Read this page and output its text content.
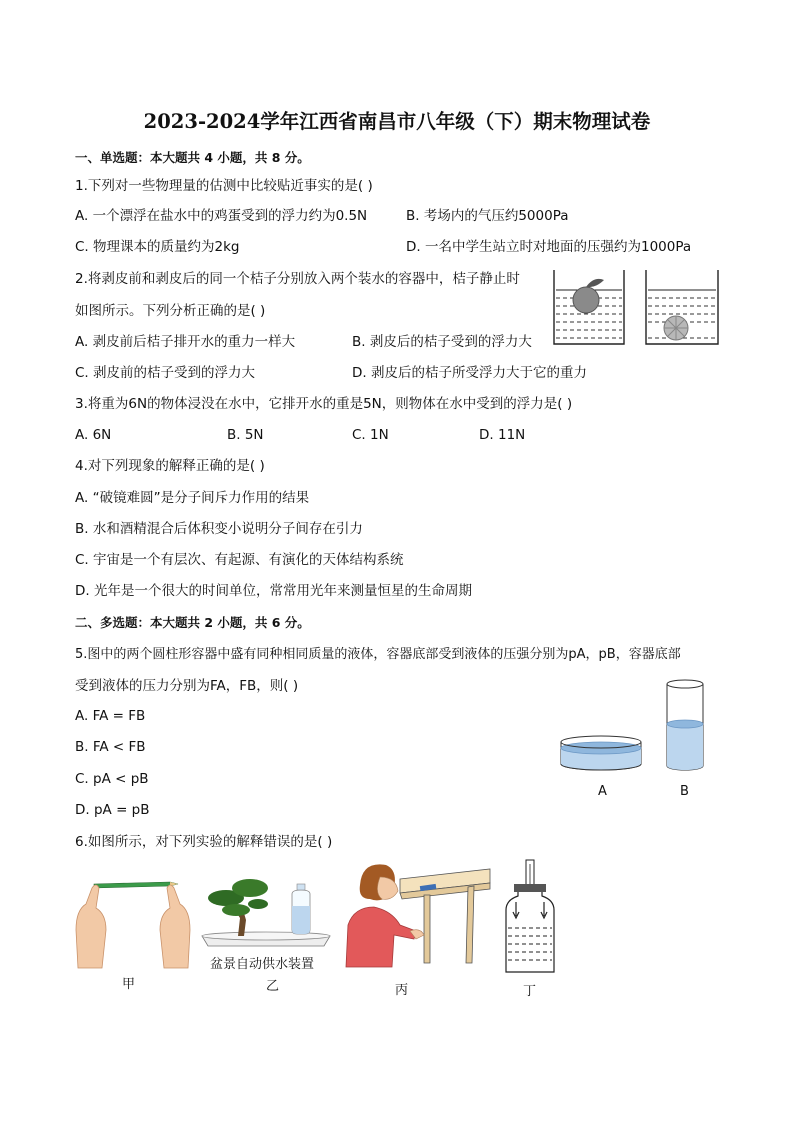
2023-2024学年江西省南昌市八年级（下）期末物理试卷
一、单选题：本大题共 4 小题，共 8 分。
1.下列对一些物理量的估测中比较贴近事实的是( )
A. 一个漂浮在盐水中的鸡蛋受到的浮力约为0.5N	B. 考场内的气压约5000Pa
C. 物理课本的质量约为2kg	D. 一名中学生站立时对地面的压强约为1000Pa
2.将剥皮前和剥皮后的同一个桔子分别放入两个装水的容器中，桔子静止时
如图所示。下列分析正确的是( )
A. 剥皮前后桔子排开水的重力一样大	B. 剥皮后的桔子受到的浮力大
C. 剥皮前的桔子受到的浮力大	D. 剥皮后的桔子所受浮力大于它的重力
3.将重为6N的物体浸没在水中，它排开水的重是5N，则物体在水中受到的浮力是( )
A. 6N	B. 5N	C. 1N	D. 11N
4.对下列现象的解释正确的是( )
A. “破镜难圆”是分子间斥力作用的结果
B. 水和酒精混合后体积变小说明分子间存在引力
C. 宇宙是一个有层次、有起源、有演化的天体结构系统
D. 光年是一个很大的时间单位，常常用光年来测量恒星的生命周期
二、多选题：本大题共 2 小题，共 6 分。
5.图中的两个圆柱形容器中盛有同种相同质量的液体，容器底部受到液体的压强分别为pA，pB，容器底部
受到液体的压力分别为FA，FB，则( )
A. FA = FB
B. FA < FB
C. pA < pB
D. pA = pB
A	B
6.如图所示，对下列实验的解释错误的是( )
甲
盆景自动供水装置
乙	丙	丁
